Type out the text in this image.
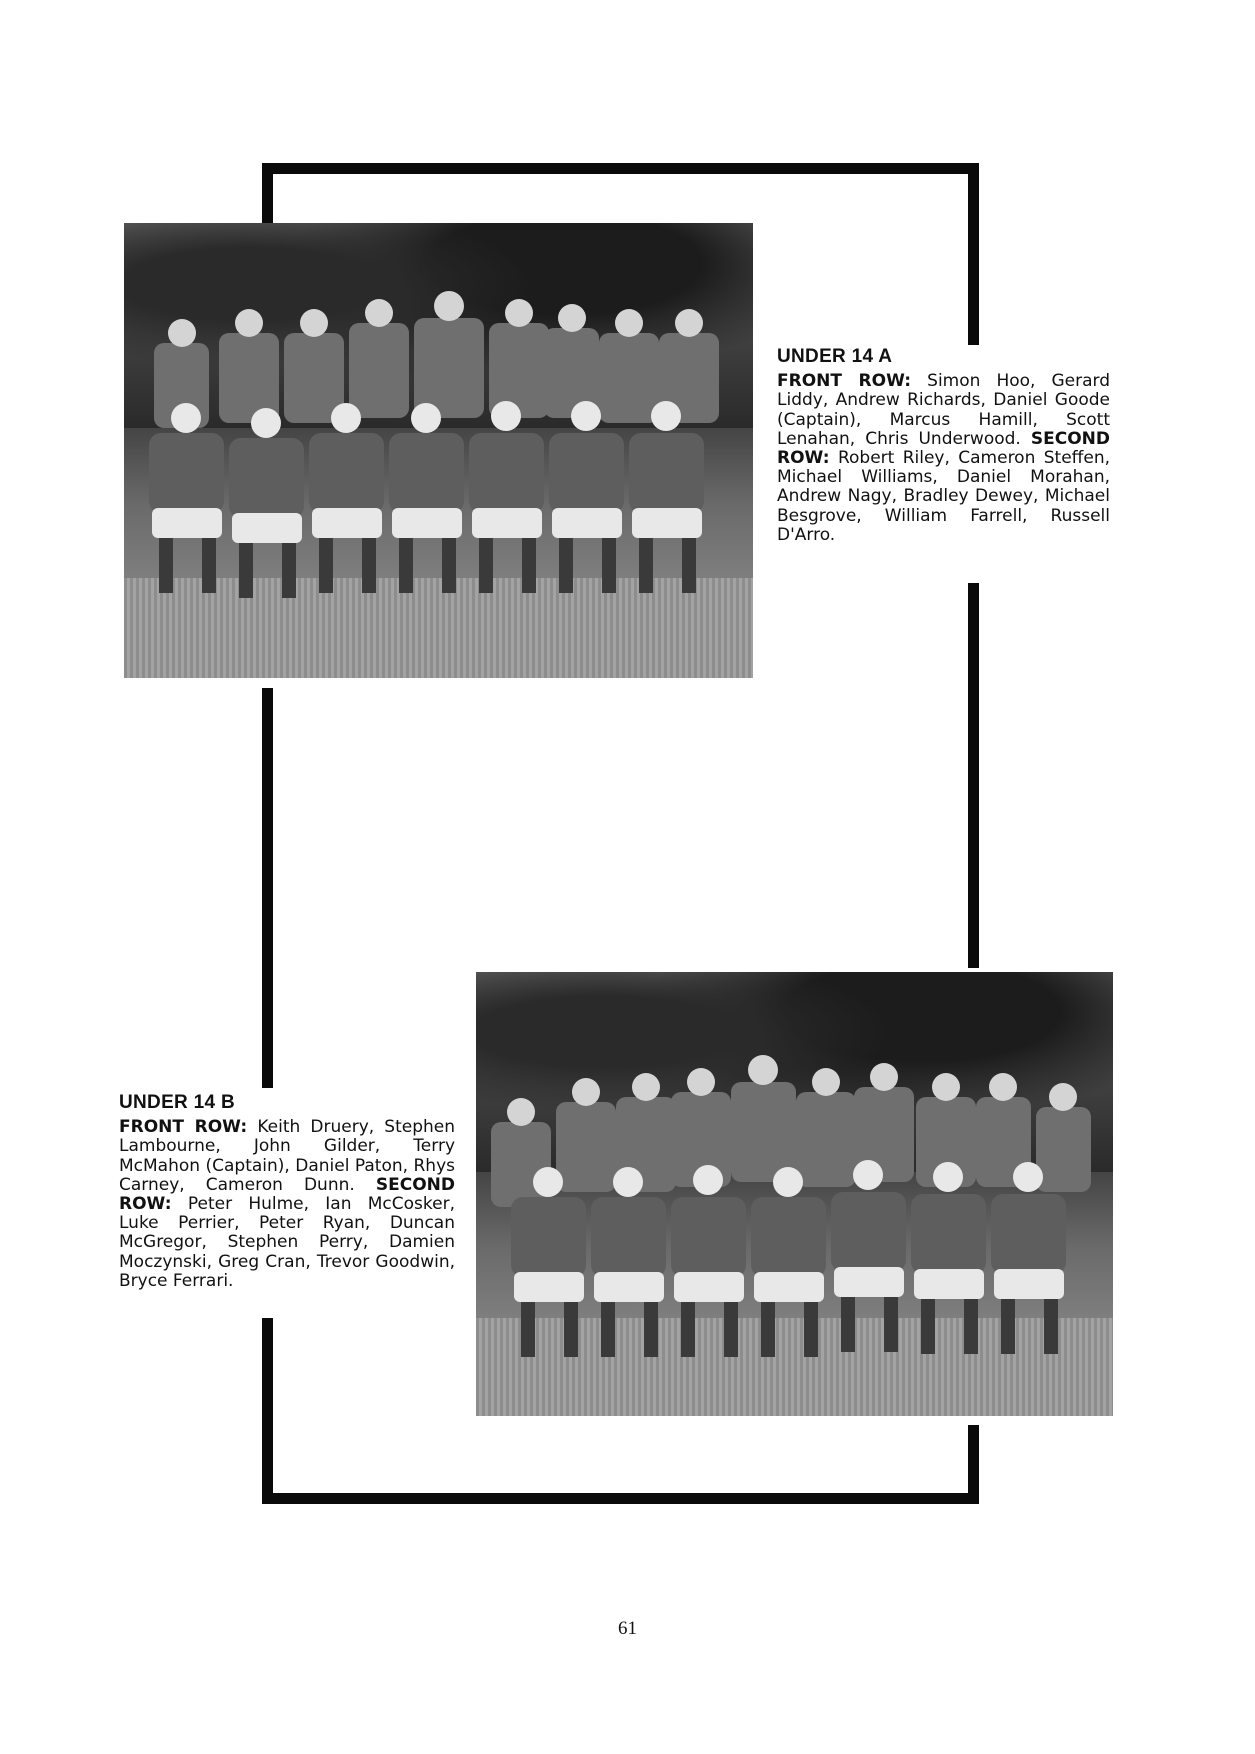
UNDER 14 A

FRONT ROW: Simon Hoo, Gerard Liddy, Andrew Richards, Daniel Goode (Captain), Marcus Hamill, Scott Lenahan, Chris Underwood. SECOND ROW: Robert Riley, Cameron Steffen, Michael Williams, Daniel Morahan, Andrew Nagy, Bradley Dewey, Michael Besgrove, William Farrell, Russell D'Arro.

UNDER 14 B

FRONT ROW: Keith Druery, Stephen Lambourne, John Gilder, Terry McMahon (Captain), Daniel Paton, Rhys Carney, Cameron Dunn. SECOND ROW: Peter Hulme, Ian McCosker, Luke Perrier, Peter Ryan, Duncan McGregor, Stephen Perry, Damien Moczynski, Greg Cran, Trevor Goodwin, Bryce Ferrari.

61
